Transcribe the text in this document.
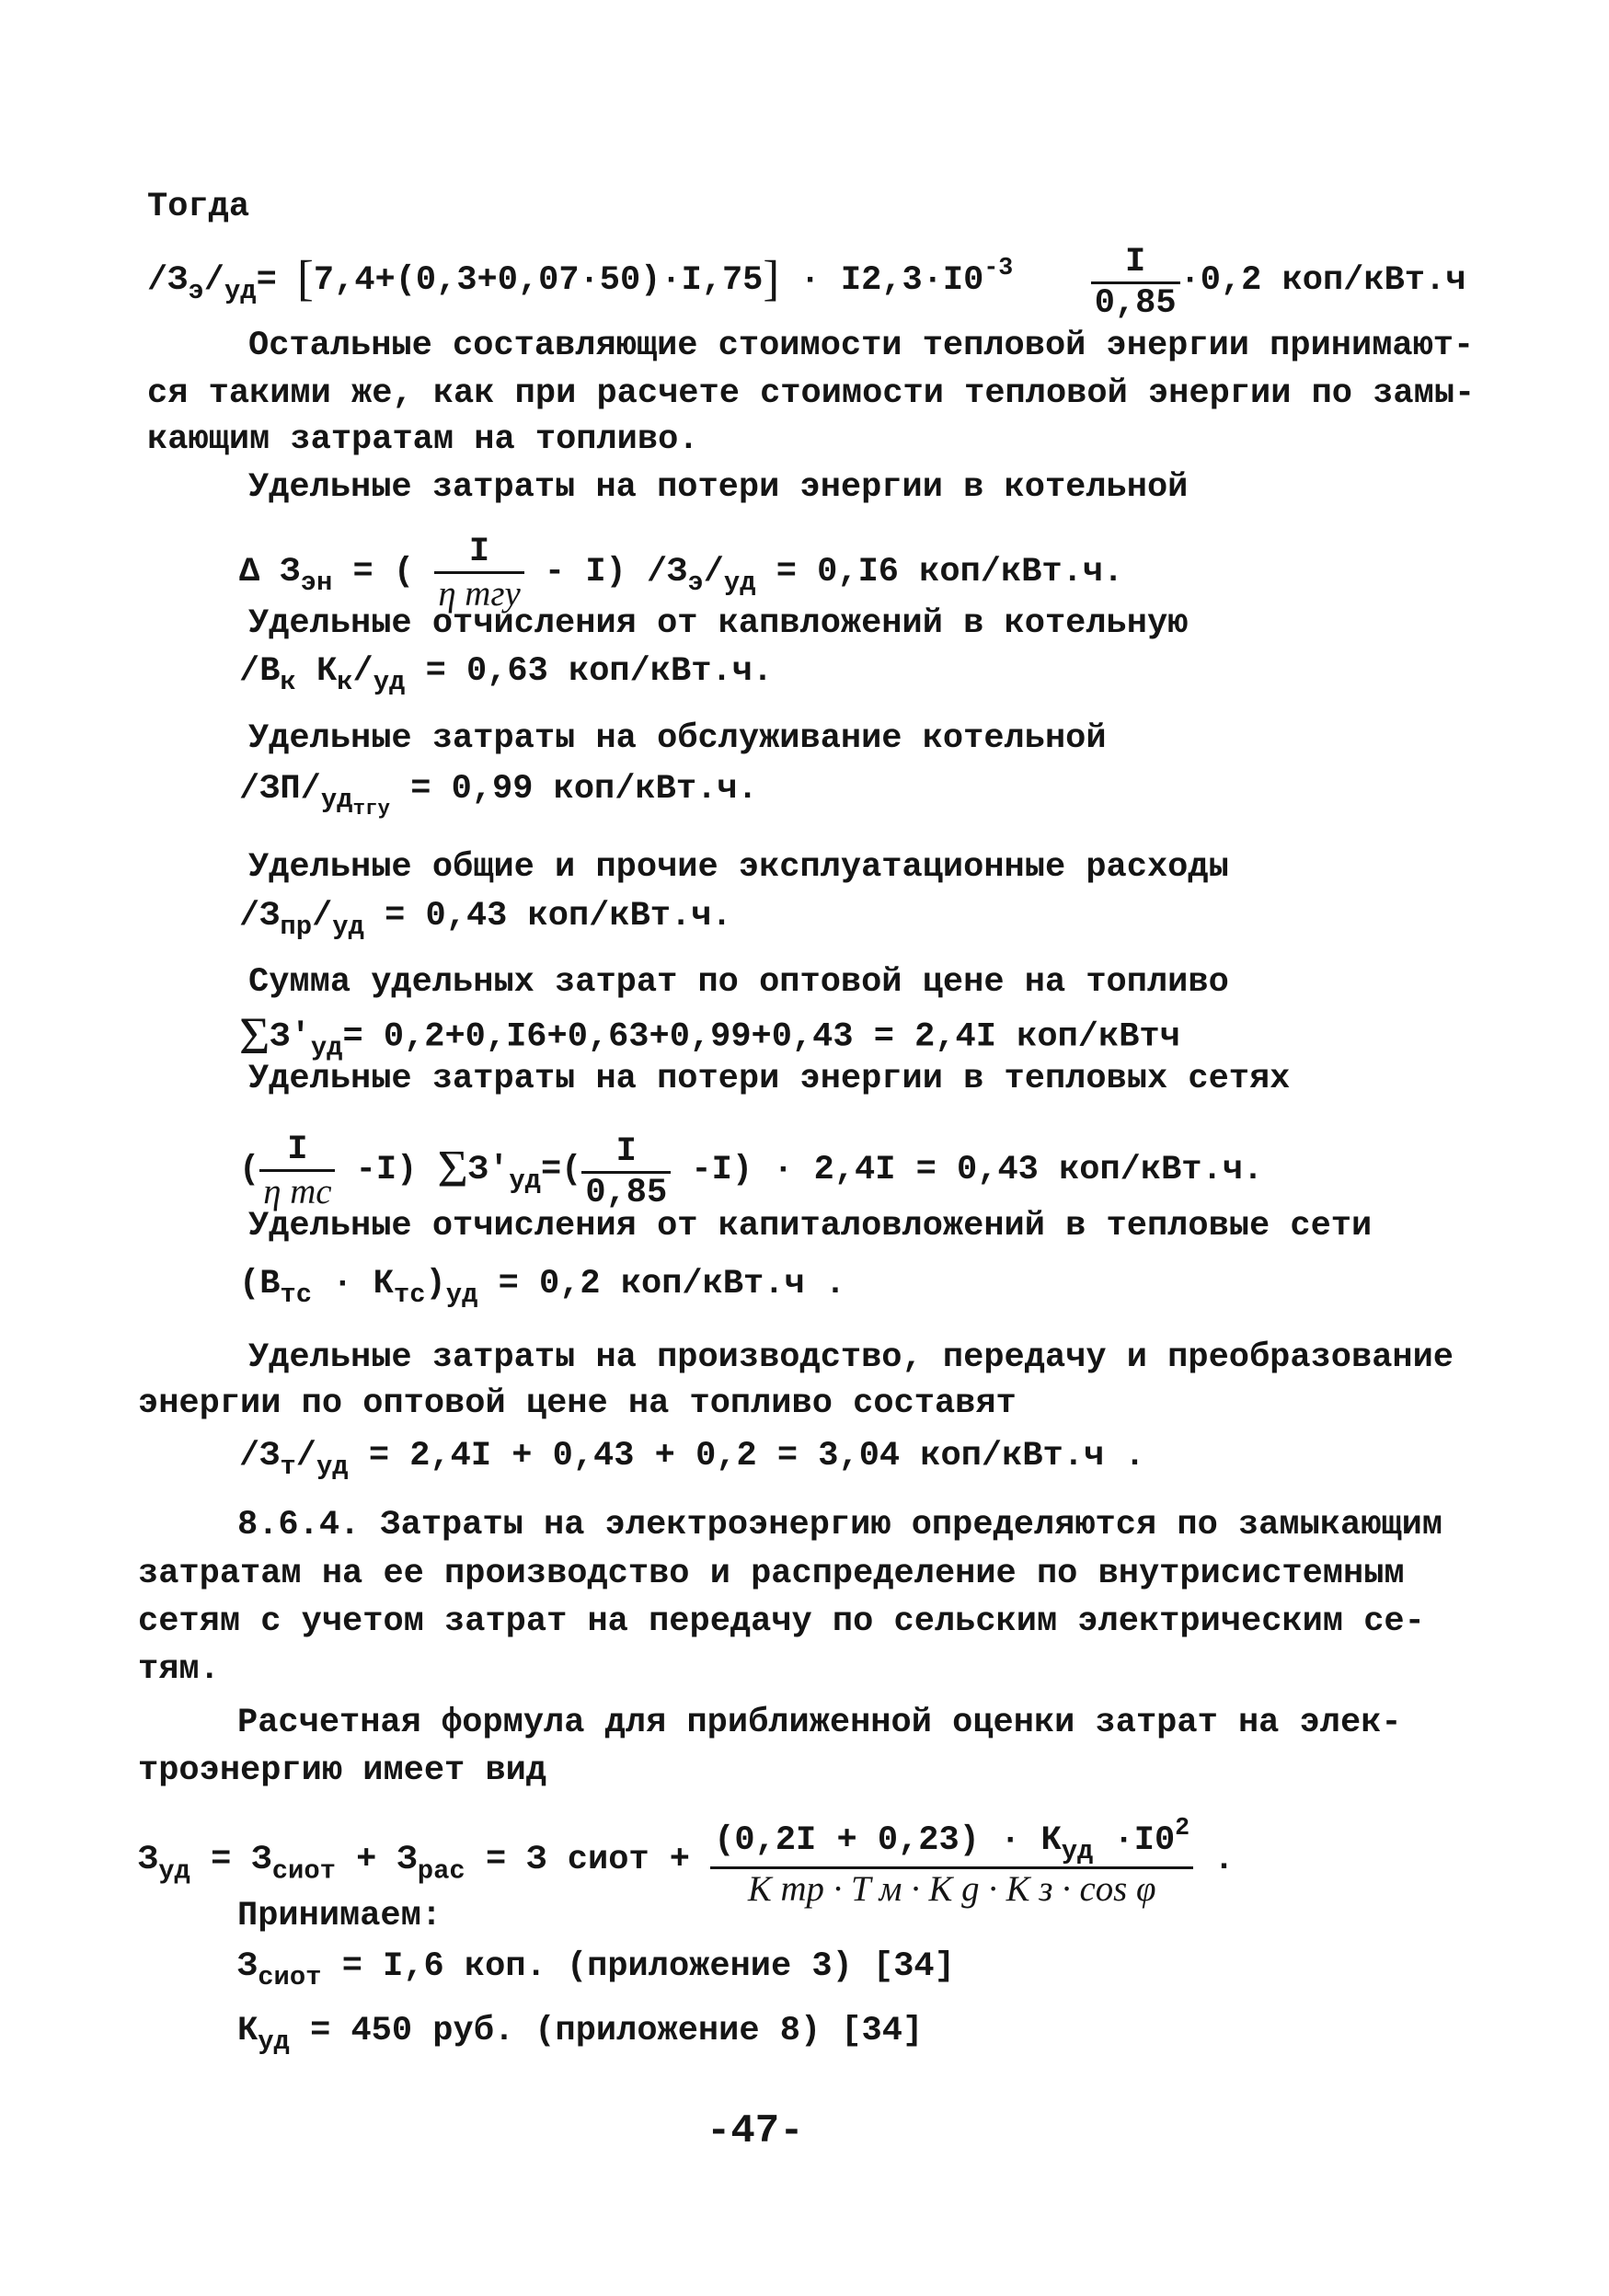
Тогда
$/З_э/_{уд}= [7,4+(0,3+0,07\cdot 50)\cdot I,75] \cdot I2,3\cdot I0^{-3} \frac{I}{0,85} \cdot 0,2$ коп/кВт.ч
Остальные составляющие стоимости тепловой энергии принимают-
ся такими же, как при расчете стоимости тепловой энергии по замы-
кающим затратам на топливо.
Удельные затраты на потери энергии в котельной
Δ $З_{эн}$ = ( $\frac{I}{\text{η тгу}} - I$) $/З_э/_{уд} = 0,I6$ коп/кВт.ч.
Удельные отчисления от капвложений в котельную
$/В_к$ $К_к/_{уд} = 0,63$ коп/кВт.ч.
Удельные затраты на обслуживание котельной
$/ЗП/_{уд_{тгу}} = 0,99$ коп/кВт.ч.
Удельные общие и прочие эксплуатационные расходы
$/З_{пр}/_{уд} = 0,43$ коп/кВт.ч.
Сумма удельных затрат по оптовой цене на топливо
$\Sigma З'_{уд}= 0,2+0,I6+0,63+0,99+0,43 = 2,4I$ коп/кВтч
Удельные затраты на потери энергии в тепловых сетях
( $\frac{I}{\text{η тс}} -I$) $\Sigma З'_{уд}=( \frac{I}{0,85} -I) \cdot 2,4I = 0,43$ коп/кВт.ч.
Удельные отчисления от капиталовложений в тепловые сети
$(В_{тс} \cdot К_{тс})_{уд} = 0,2$ коп/кВт.ч .
Удельные затраты на производство, передачу и преобразование
энергии по оптовой цене на топливо составят
$/З_т/_{уд} = 2,4I + 0,43 + 0,2 = 3,04$ коп/кВт.ч .
8.6.4. Затраты на электроэнергию определяются по замыкающим
затратам на ее производство и распределение по внутрисистемным
сетям с учетом затрат на передачу по сельским электрическим се-
тям.
Расчетная формула для приближенной оценки затрат на элек-
троэнергию имеет вид
$З_{уд} = З_{сиот} + З_{рас} = З$ сиот + $\frac{(0,2I + 0,23) \cdot К_{уд} \cdot I0^2}{\text{K тр · T м · K g · K з · cos φ}}$ .
Принимаем:
$З_{сиот} = I,6$ коп. (приложение 3) [34]
$К_{уд} = 450$ руб. (приложение 8) [34]
-47-
